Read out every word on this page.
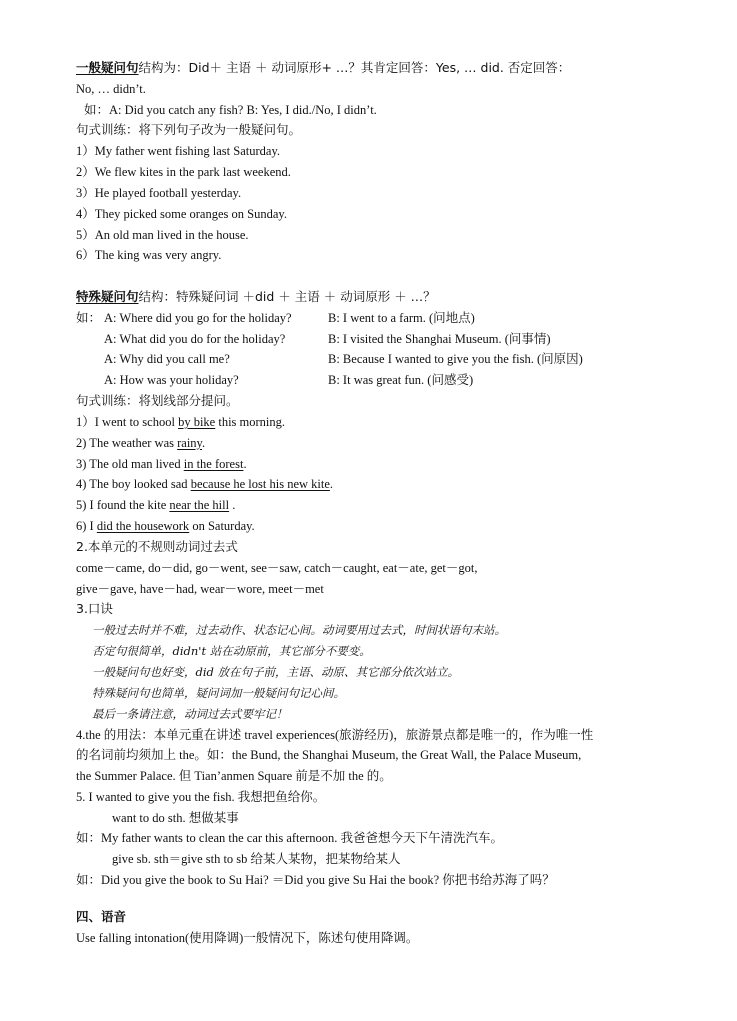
一般疑问句结构为：Did＋ 主语 ＋ 动词原形+ …？其肯定回答：Yes, … did. 否定回答：
No, … didn’t.
如：A: Did you catch any fish? B: Yes, I did./No, I didn’t.
句式训练：将下列句子改为一般疑问句。
1）My father went fishing last Saturday.
2）We flew kites in the park last weekend.
3）He played football yesterday.
4）They picked some oranges on Sunday.
5）An old man lived in the house.
6）The king was very angry.
特殊疑问句结构：特殊疑问词 ＋did ＋ 主语 ＋ 动词原形 ＋ …？
如： A: Where did you go for the holiday?	B: I went to a farm. (问地点)
A: What did you do for the holiday?	B: I visited the Shanghai Museum. (问事情)
A: Why did you call me?	B: Because I wanted to give you the fish. (问原因)
A: How was your holiday?	B: It was great fun. (问感受)
句式训练：将划线部分提问。
1）I went to school by bike this morning.
2) The weather was rainy.
3) The old man lived in the forest.
4) The boy looked sad because he lost his new kite.
5) I found the kite near the hill .
6) I did the housework on Saturday.
2.本单元的不规则动词过去式
come－came, do－did, go－went, see－saw, catch－caught, eat－ate, get－got,
give－gave, have－had, wear－wore, meet－met
3.口诀
一般过去时并不难，过去动作、状态记心间。动词要用过去式，时间状语句末站。
否定句很简单，didn't 站在动原前，其它部分不要变。
一般疑问句也好变，did 放在句子前，主语、动原、其它部分依次站立。
特殊疑问句也简单，疑问词加一般疑问句记心间。
最后一条请注意，动词过去式要牢记！
4.the 的用法：本单元重在讲述 travel experiences(旅游经历)，旅游景点都是唯一的，作为唯一性
的名词前均须加上 the。如：the Bund, the Shanghai Museum, the Great Wall, the Palace Museum,
the Summer Palace. 但 Tian’anmen Square 前是不加 the 的。
5. I wanted to give you the fish. 我想把鱼给你。
want to do sth. 想做某事
如：My father wants to clean the car this afternoon. 我爸爸想今天下午清洗汽车。
give sb. sth＝give sth to sb 给某人某物，把某物给某人
如：Did you give the book to Su Hai? ＝Did you give Su Hai the book? 你把书给苏海了吗？
四、语音
Use falling intonation(使用降调)一般情况下，陈述句使用降调。
